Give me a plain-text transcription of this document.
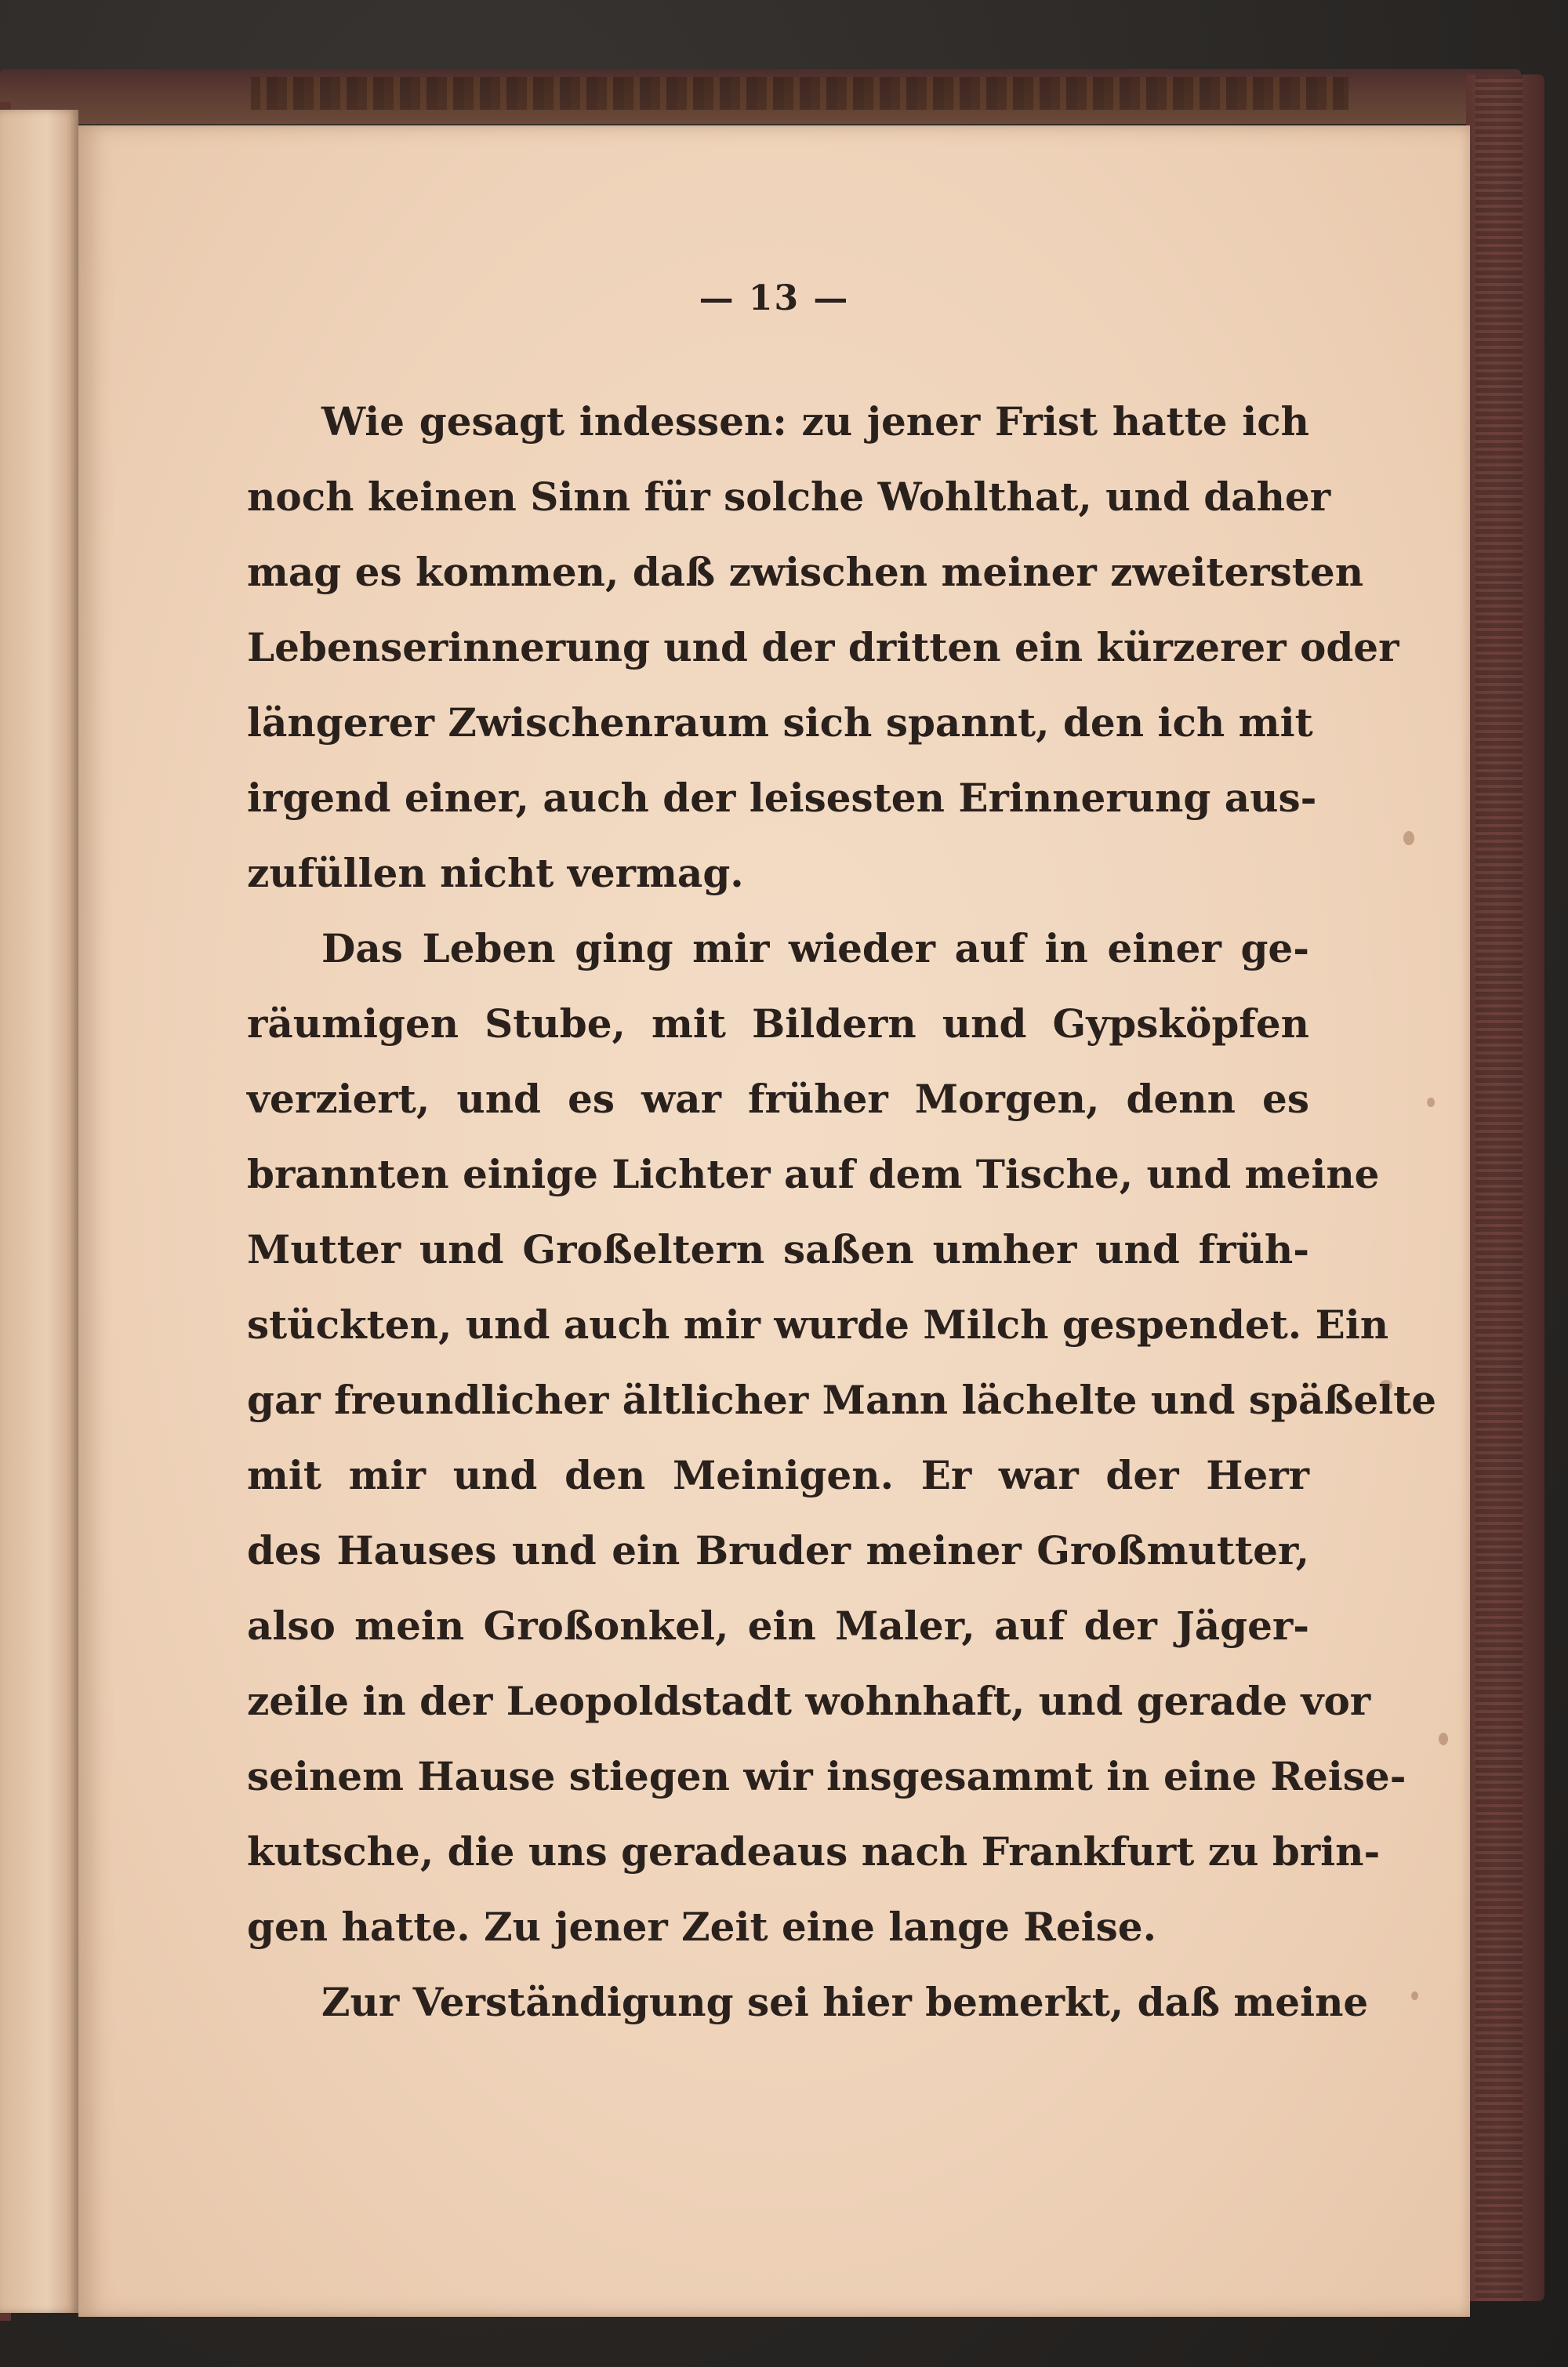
— 13 —
Wie gesagt indessen: zu jener Frist hatte ich
noch keinen Sinn für solche Wohlthat, und daher
mag es kommen, daß zwischen meiner zweitersten
Lebenserinnerung und der dritten ein kürzerer oder
längerer Zwischenraum sich spannt, den ich mit
irgend einer, auch der leisesten Erinnerung aus-
zufüllen nicht vermag.
Das Leben ging mir wieder auf in einer ge-
räumigen Stube, mit Bildern und Gypsköpfen
verziert, und es war früher Morgen, denn es
brannten einige Lichter auf dem Tische, und meine
Mutter und Großeltern saßen umher und früh-
stückten, und auch mir wurde Milch gespendet. Ein
gar freundlicher ältlicher Mann lächelte und späßelte
mit mir und den Meinigen. Er war der Herr
des Hauses und ein Bruder meiner Großmutter,
also mein Großonkel, ein Maler, auf der Jäger-
zeile in der Leopoldstadt wohnhaft, und gerade vor
seinem Hause stiegen wir insgesammt in eine Reise-
kutsche, die uns geradeaus nach Frankfurt zu brin-
gen hatte. Zu jener Zeit eine lange Reise.
Zur Verständigung sei hier bemerkt, daß meine
